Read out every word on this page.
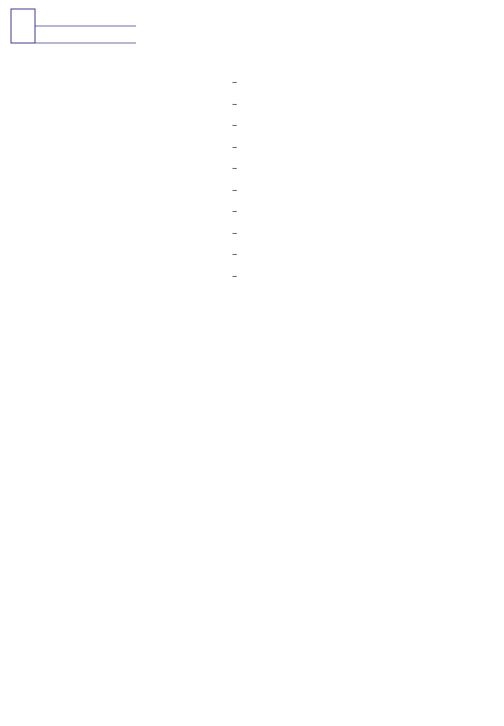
–
–
–
–
–
–
–
–
–
–
